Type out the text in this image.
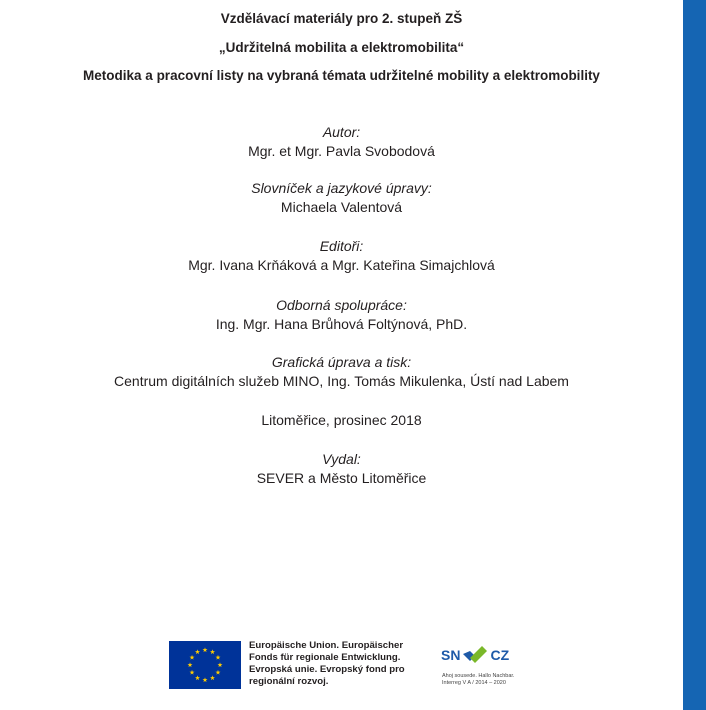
Vzdělávací materiály pro 2. stupeň ZŠ
„Udržitelná mobilita a elektromobilita“
Metodika a pracovní listy na vybraná témata udržitelné mobility a elektromobility
Autor:
Mgr. et Mgr. Pavla Svobodová
Slovníček a jazykové úpravy:
Michaela Valentová
Editoři:
Mgr. Ivana Krňáková a Mgr. Kateřina Simajchlová
Odborná spolupráce:
Ing. Mgr. Hana Brůhová Foltýnová, PhD.
Grafická úprava a tisk:
Centrum digitálních služeb MINO, Ing. Tomás Mikulenka, Ústí nad Labem
Litoměřice, prosinec 2018
Vydal:
SEVER a Město Litoměřice
Europäische Union. Europäischer
Fonds für regionale Entwicklung.
Evropská unie. Evropský fond pro
regionální rozvoj.
SN CZ
Ahoj sousede. Hallo Nachbar.
Interreg V A / 2014 – 2020
